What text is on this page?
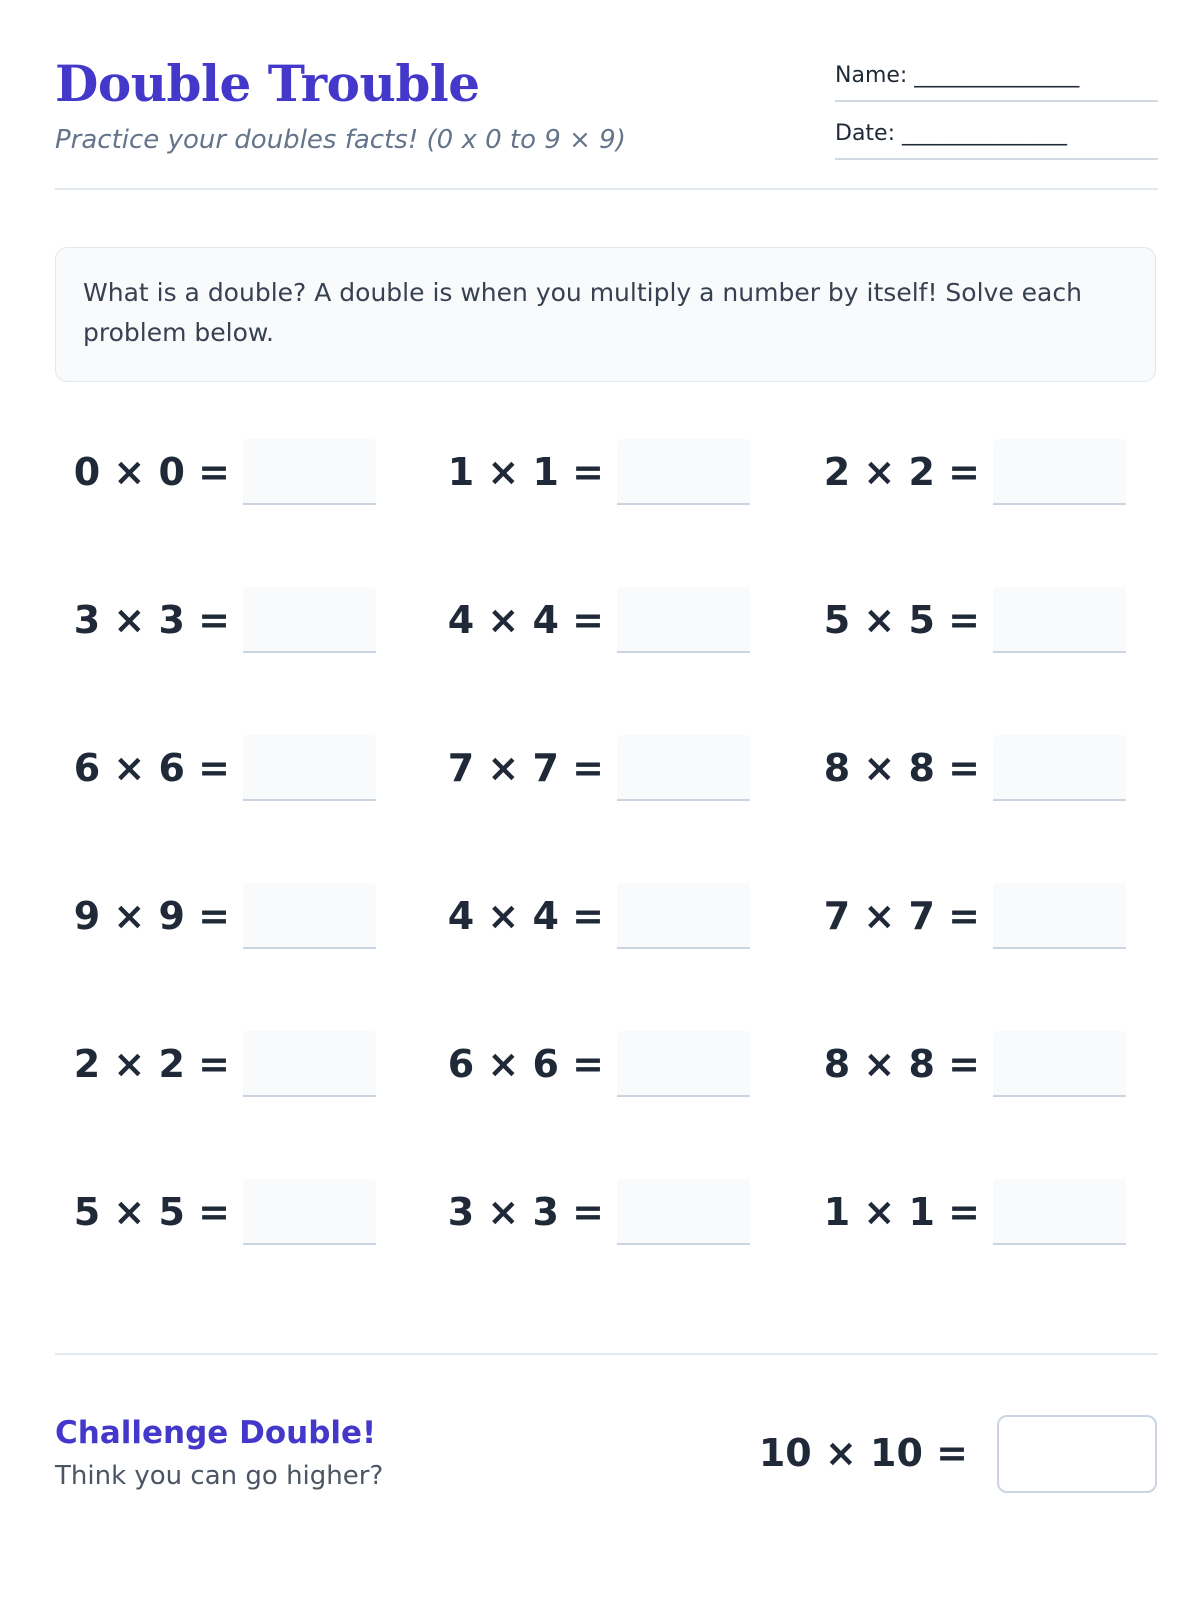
Double Trouble
Practice your doubles facts! (0 x 0 to 9 × 9)
Name: _______________
Date: _______________

What is a double? A double is when you multiply a number by itself! Solve each problem below.

0 × 0 =	1 × 1 =	2 × 2 =
3 × 3 =	4 × 4 =	5 × 5 =
6 × 6 =	7 × 7 =	8 × 8 =
9 × 9 =	4 × 4 =	7 × 7 =
2 × 2 =	6 × 6 =	8 × 8 =
5 × 5 =	3 × 3 =	1 × 1 =
Challenge Double!
Think you can go higher?
10 × 10 =
